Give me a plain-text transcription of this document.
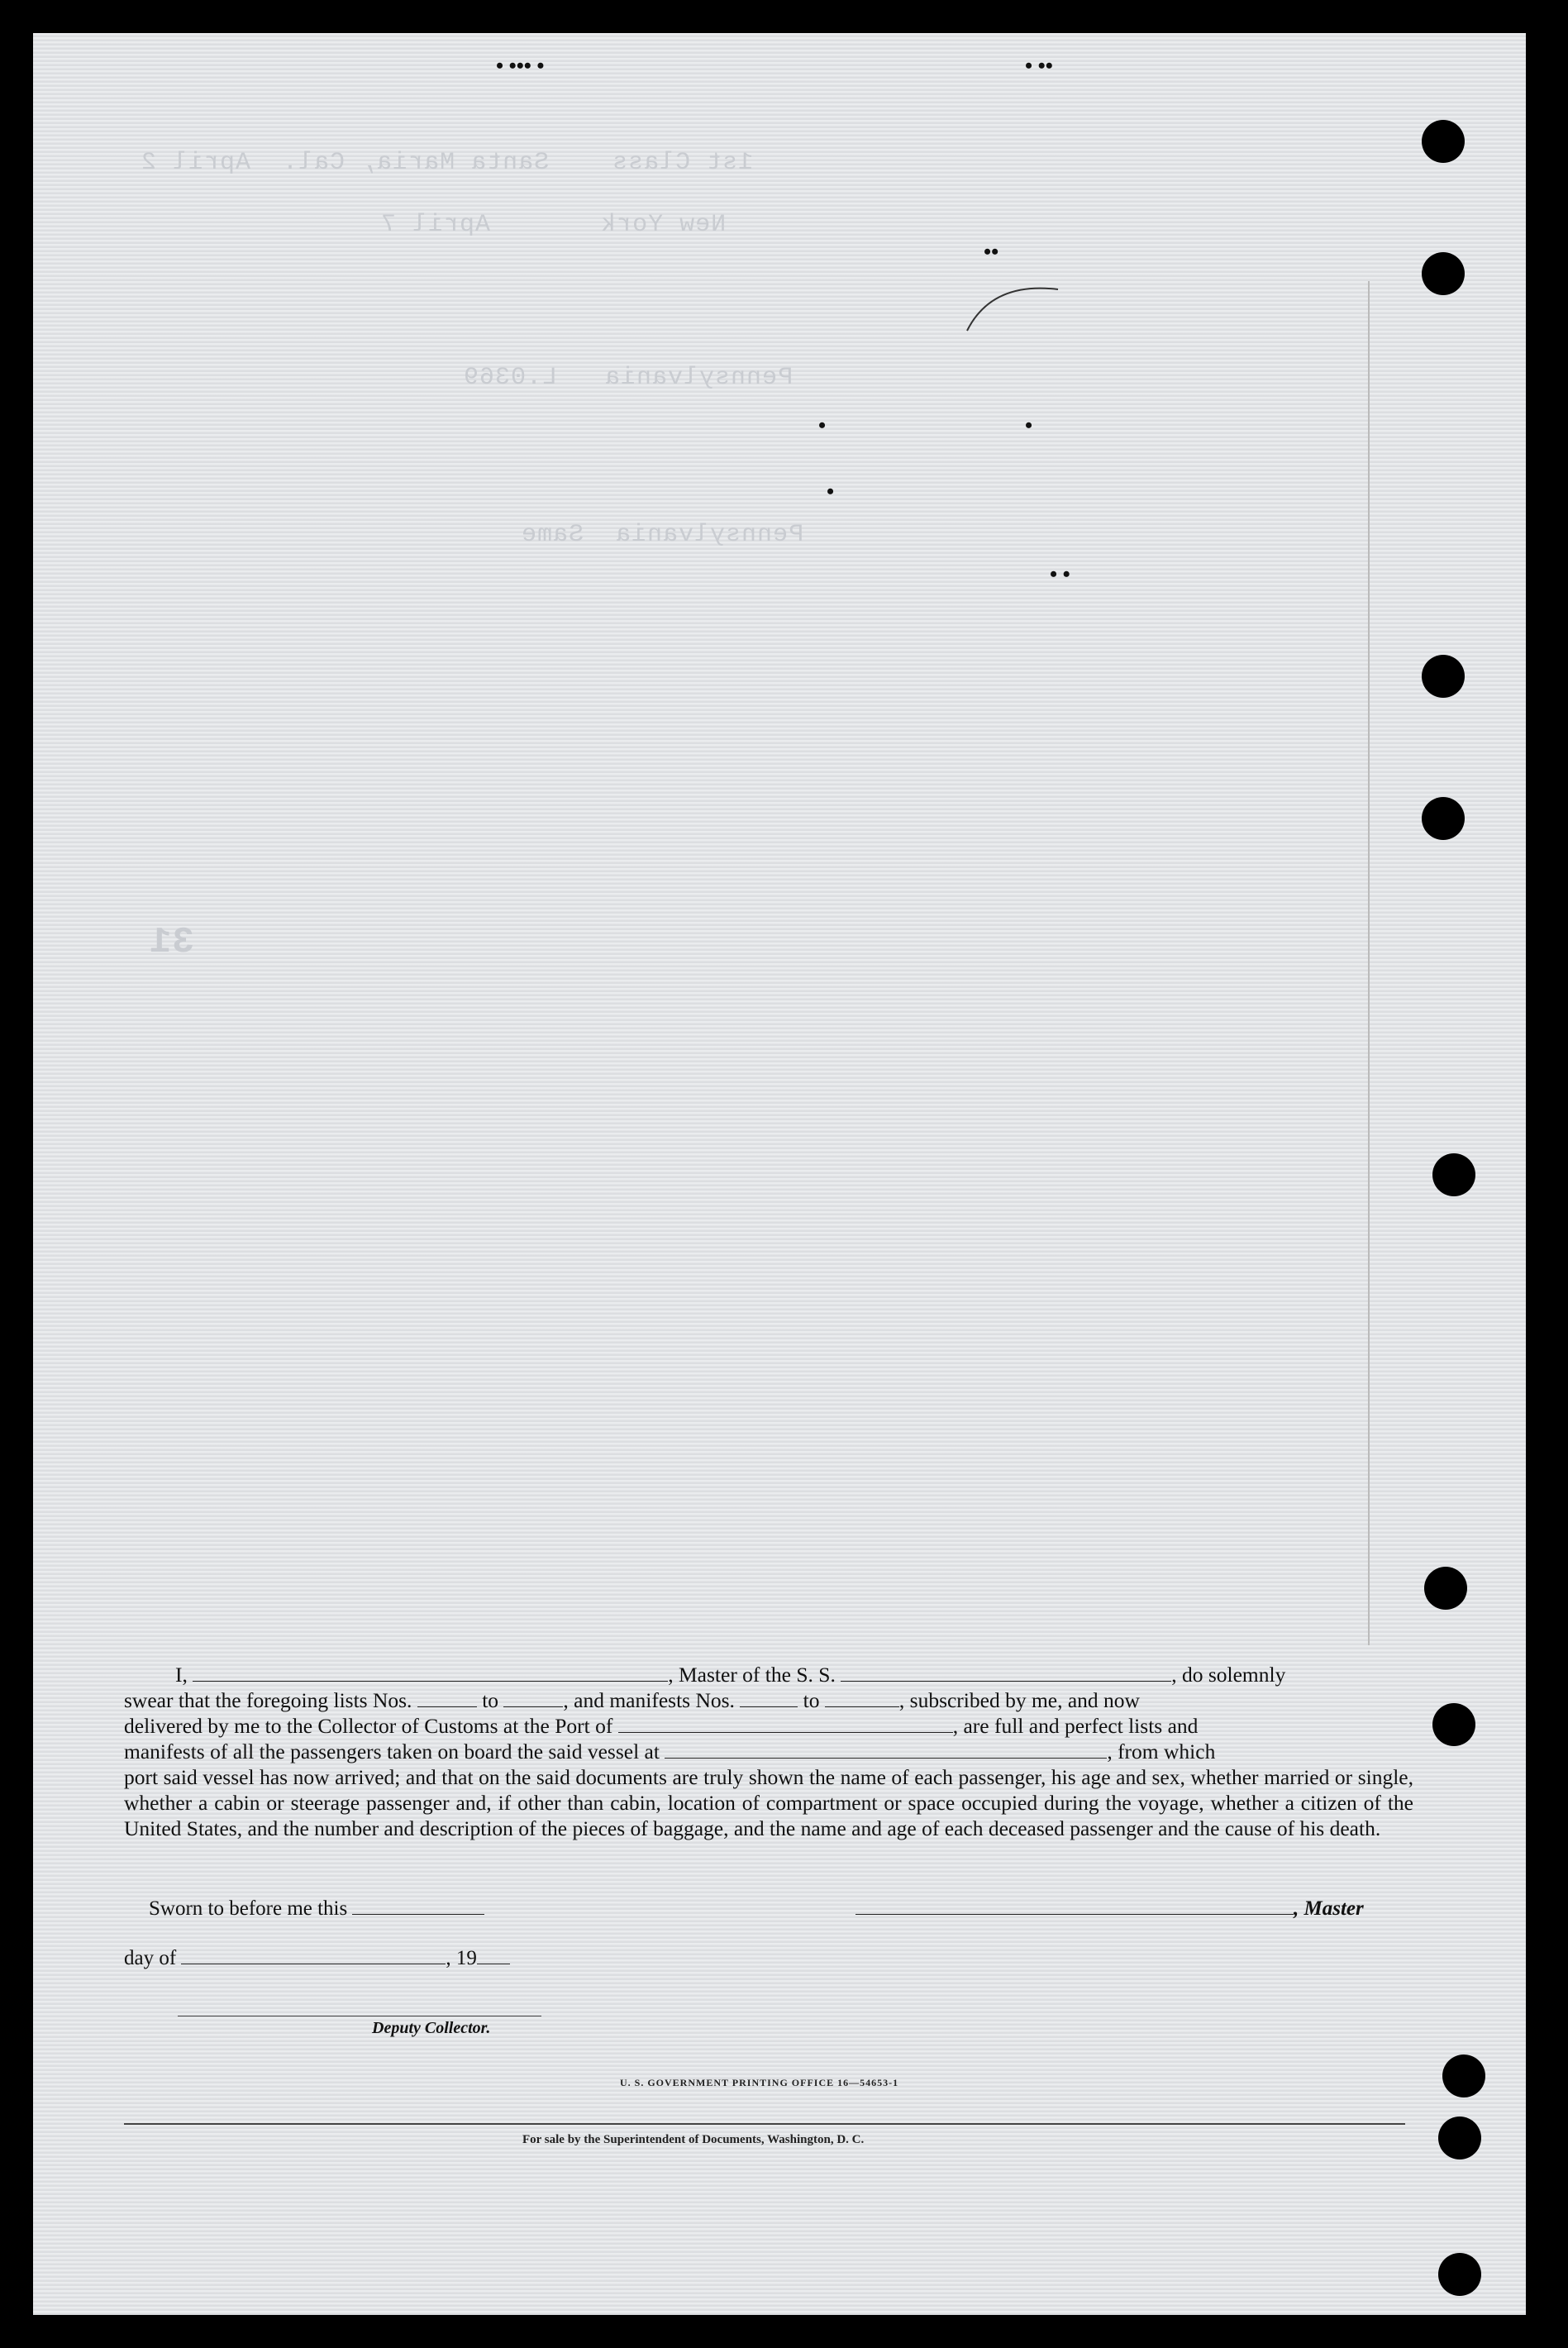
1st Class    Santa Maria, Cal.  April 2
New York       April 7
Pennsylvania   L.0369
Pennsylvania  Same
31
• ••• •	• ••
••
•	•
•
• •

I,	, Master of the S. S.	, do solemnly

swear that the foregoing lists Nos.	to	, and manifests Nos.	to	, subscribed by me, and now
delivered by me to the Collector of Customs at the Port of	, are full and perfect lists and
manifests of all the passengers taken on board the said vessel at	, from which
port said vessel has now arrived; and that on the said documents are truly shown the name of each passenger, his age and sex, whether married or single, whether a cabin or steerage passenger and, if other than cabin, location of compartment or space occupied during the voyage, whether a citizen of the United States, and the number and description of the pieces of baggage, and the name and age of each deceased passenger and the cause of his death.
Sworn to before me this	, Master
day of	, 19
Deputy Collector.
U. S. GOVERNMENT PRINTING OFFICE 16—54653-1
For sale by the Superintendent of Documents, Washington, D. C.
